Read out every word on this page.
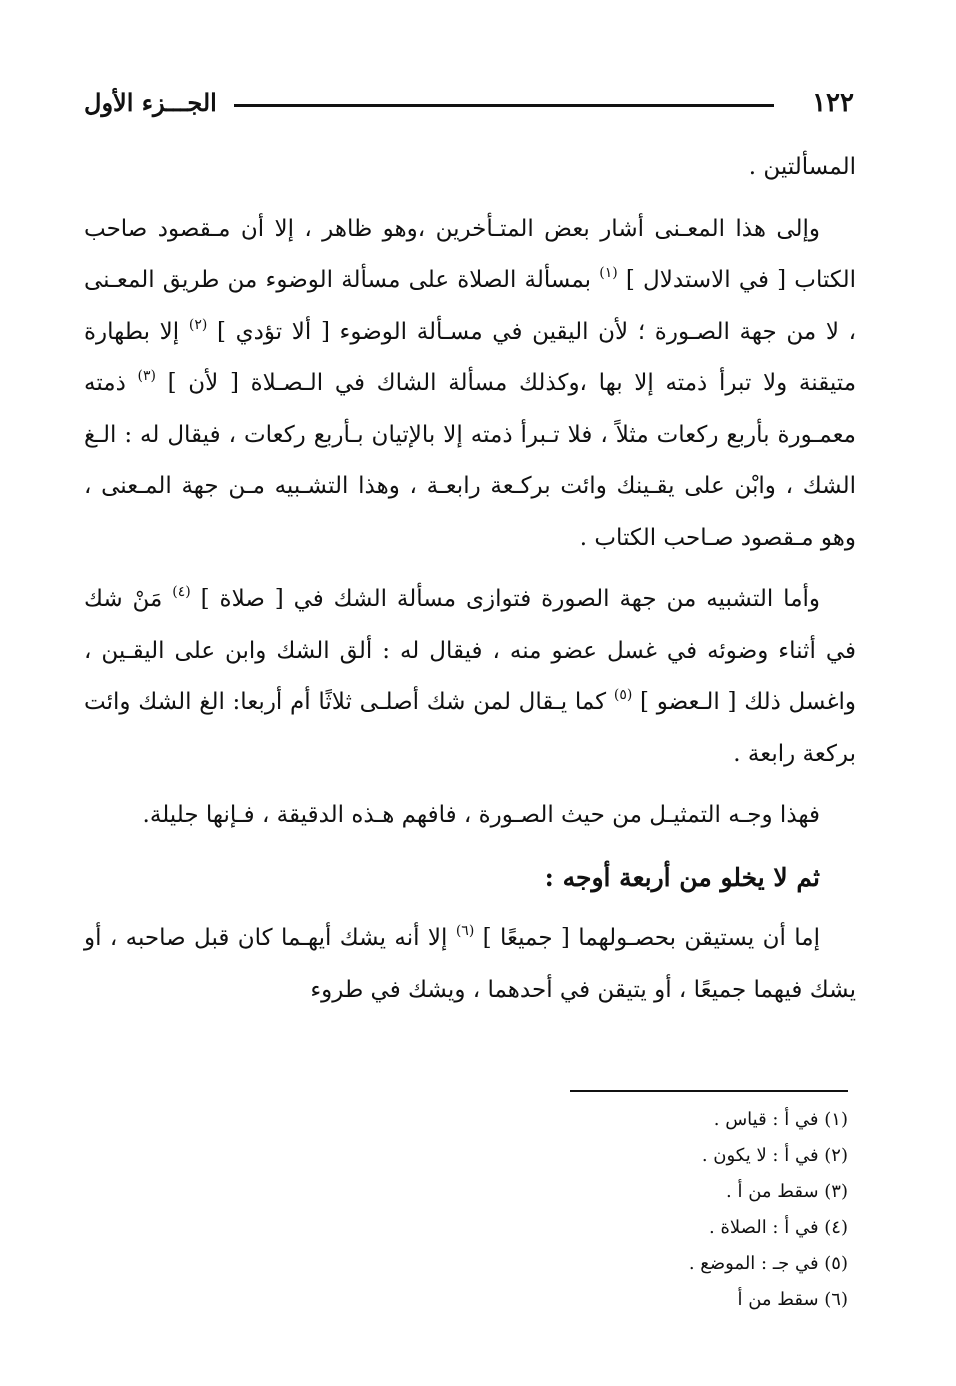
١٢٢
الجـــزء الأول

المسألتين .

وإلى هذا المعـنى أشار بعض المتـأخرين ،وهو ظاهر ، إلا أن مـقصود صاحب الكتاب [ في الاستدلال ] $^{(١)}$ بمسألة الصلاة على مسألة الوضوء من طريق المعـنى ، لا من جهة الصـورة ؛ لأن اليقين في مسـألة الوضوء [ ألا تؤدي ] $^{(٢)}$ إلا بطهارة متيقنة ولا تبرأ ذمته إلا بها ،وكذلك مسألة الشاك في الـصـلاة [ لأن ] $^{(٣)}$ ذمته معمـورة بأربع ركعات مثلاً ، فلا تـبرأ ذمته إلا بالإتيان بـأربع ركعات ، فيقال له : الـغ الشك ، وابْن على يقـينك وائت بركـعة رابعـة ، وهذا التشـبيه مـن جهة المـعنى ، وهو مـقصود صـاحب الكتاب .

وأما التشبيه من جهة الصورة فتوازى مسألة الشك في [ صلاة ] $^{(٤)}$ مَنْ شك في أثناء وضوئه في غسل عضو منه ، فيقال له : ألق الشك وابن على اليقـين ، واغسل ذلك [ الـعضو ] $^{(٥)}$ كما يـقال لمن شك أصلـى ثلاثًا أم أربعا: الغ الشك وائت بركعة رابعة .

فهذا وجـه التمثيـل من حيث الصـورة ، فافهم هـذه الدقيقة ، فـإنها جليلة.

ثم لا يخلو من أربعة أوجه :

إما أن يستيقن بحصـولهما [ جميعًا ] $^{(٦)}$ إلا أنه يشك أيهـما كان قبل صاحبه ، أو يشك فيهما جميعًا ، أو يتيقن في أحدهما ، ويشك في طروء

(١) في أ : قياس .
(٢) في أ : لا يكون .
(٣) سقط من أ .
(٤) في أ : الصلاة .
(٥) في جـ : الموضع .
(٦) سقط من أ
